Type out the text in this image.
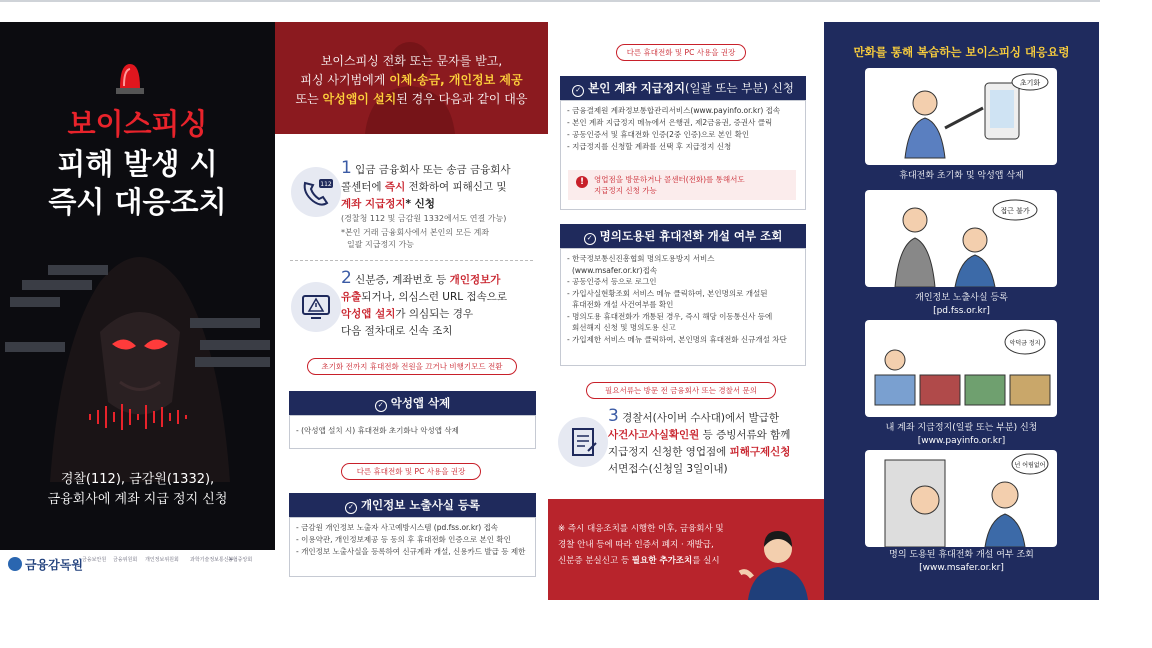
보이스피싱
피해 발생 시
즉시 대응조치
경찰(112), 금감원(1332),
금융회사에 계좌 지급 정지 신청
금융감독원 금융보안원 금융위원회 개인정보위원회 과학기술정보통신부
농협중앙회
보이스피싱 전화 또는 문자를 받고,
피싱 사기범에게 이체·송금, 개인정보 제공
또는 악성앱이 설치된 경우 다음과 같이 대응
112
1 입금 금융회사 또는 송금 금융회사
콜센터에 즉시 전화하여 피해신고 및
계좌 지급정지* 신청
(경찰청 112 및 금감원 1332에서도 연결 가능)
*본인 거래 금융회사에서 본인의 모든 계좌
일괄 지급정지 가능
2 신분증, 계좌번호 등 개인정보가
유출되거나, 의심스런 URL 접속으로
악성앱 설치가 의심되는 경우
다음 절차대로 신속 조치
초기화 전까지 휴대전화 전원을 끄거나 비행기모드 전환
✓ 악성앱 삭제
- (악성앱 설치 시) 휴대전화 초기화나 악성앱 삭제
다른 휴대전화 및 PC 사용을 권장
✓ 개인정보 노출사실 등록
- 금감원 개인정보 노출자 사고예방시스템 (pd.fss.or.kr) 접속
- 이용약관, 개인정보제공 등 동의 후 휴대전화 인증으로 본인 확인
- 개인정보 노출사실을 등록하여 신규계좌 개설, 신용카드 발급 등 제한
다른 휴대전화 및 PC 사용을 권장
✓ 본인 계좌 지급정지(일괄 또는 부분) 신청
- 금융결제원 계좌정보통합관리서비스(www.payinfo.or.kr) 접속
- 본인 계좌 지급정지 메뉴에서 은행권, 제2금융권, 증권사 클릭
- 공동인증서 및 휴대전화 인증(2중 인증)으로 본인 확인
- 지급정지를 신청할 계좌를 선택 후 지급정지 신청
!	영업점을 방문하거나 콜센터(전화)를 통해서도
지급정지 신청 가능
✓ 명의도용된 휴대전화 개설 여부 조회
- 한국정보통신진흥협회 명의도용방지 서비스
(www.msafer.or.kr)접속
- 공동인증서 등으로 로그인
- 가입사실현황조회 서비스 메뉴 클릭하여, 본인명의로 개설된
휴대전화 개설 사건여부를 확인
- 명의도용 휴대전화가 개통된 경우, 즉시 해당 이동통신사 등에
회선해지 신청 및 명의도용 신고
- 가입제한 서비스 메뉴 클릭하여, 본인명의 휴대전화 신규개설 차단
필요서류는 방문 전 금융회사 또는 경찰서 문의
3 경찰서(사이버 수사대)에서 발급한
사건사고사실확인원 등 증빙서류와 함께
지급정지 신청한 영업점에 피해구제신청
서면접수(신청일 3일이내)
※ 즉시 대응조치를 시행한 이후, 금융회사 및
경찰 안내 등에 따라 인증서 폐지 · 재발급,
신분증 분실신고 등 필요한 추가조치를 실시
만화를 통해 복습하는 보이스피싱 대응요령
초기화
휴대전화 초기화 및 악성앱 삭제
접근 불가
개인정보 노출사실 등록
[pd.fss.or.kr]
악덕금 정지
내 계좌 지급정지(일괄 또는 부분) 신청
[www.payinfo.or.kr]
넌 어림없어
명의 도용된 휴대전화 개설 여부 조회
[www.msafer.or.kr]
